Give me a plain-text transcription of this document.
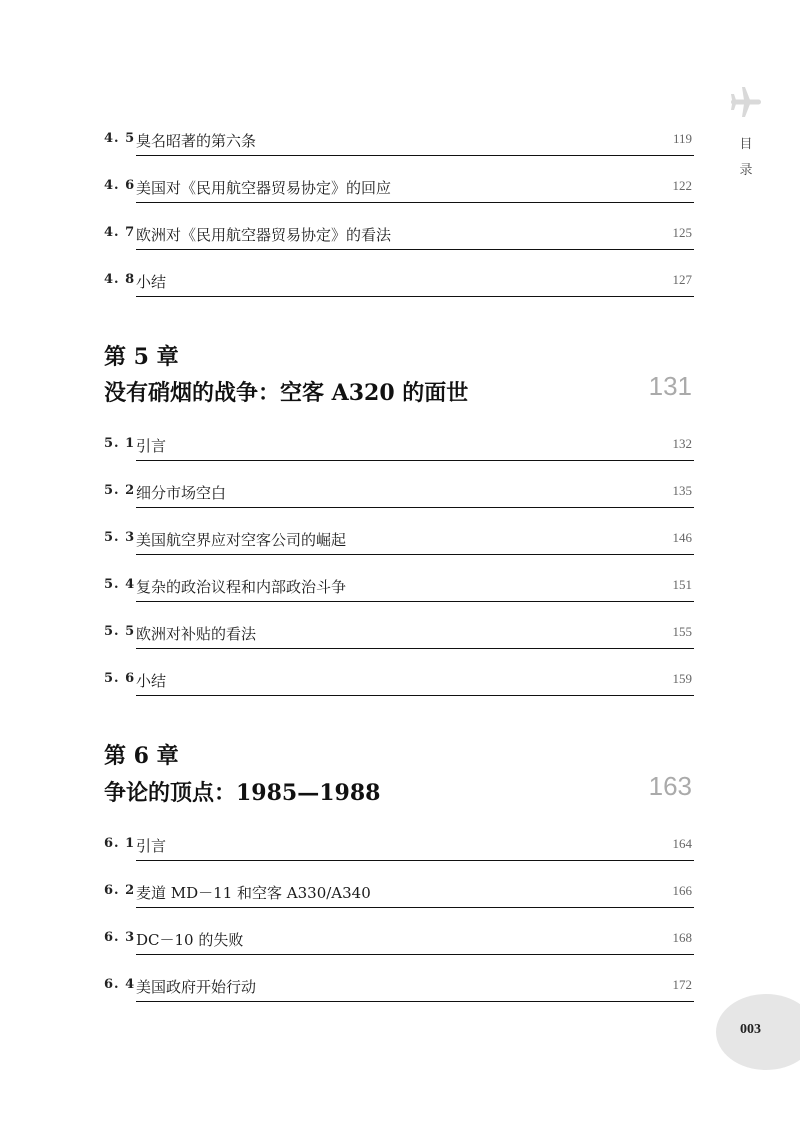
4. 5 臭名昭著的第六条	119
4. 6 美国对《民用航空器贸易协定》的回应	122
4. 7 欧洲对《民用航空器贸易协定》的看法	125
4. 8 小结	127
第 5 章
没有硝烟的战争：空客 A320 的面世	131
5. 1 引言	132
5. 2 细分市场空白	135
5. 3 美国航空界应对空客公司的崛起	146
5. 4 复杂的政治议程和内部政治斗争	151
5. 5 欧洲对补贴的看法	155
5. 6 小结	159
第 6 章
争论的顶点：1985—1988	163
6. 1 引言	164
6. 2 麦道 MD－11 和空客 A330/A340	166
6. 3 DC－10 的失败	168
6. 4 美国政府开始行动	172
目
录
003
